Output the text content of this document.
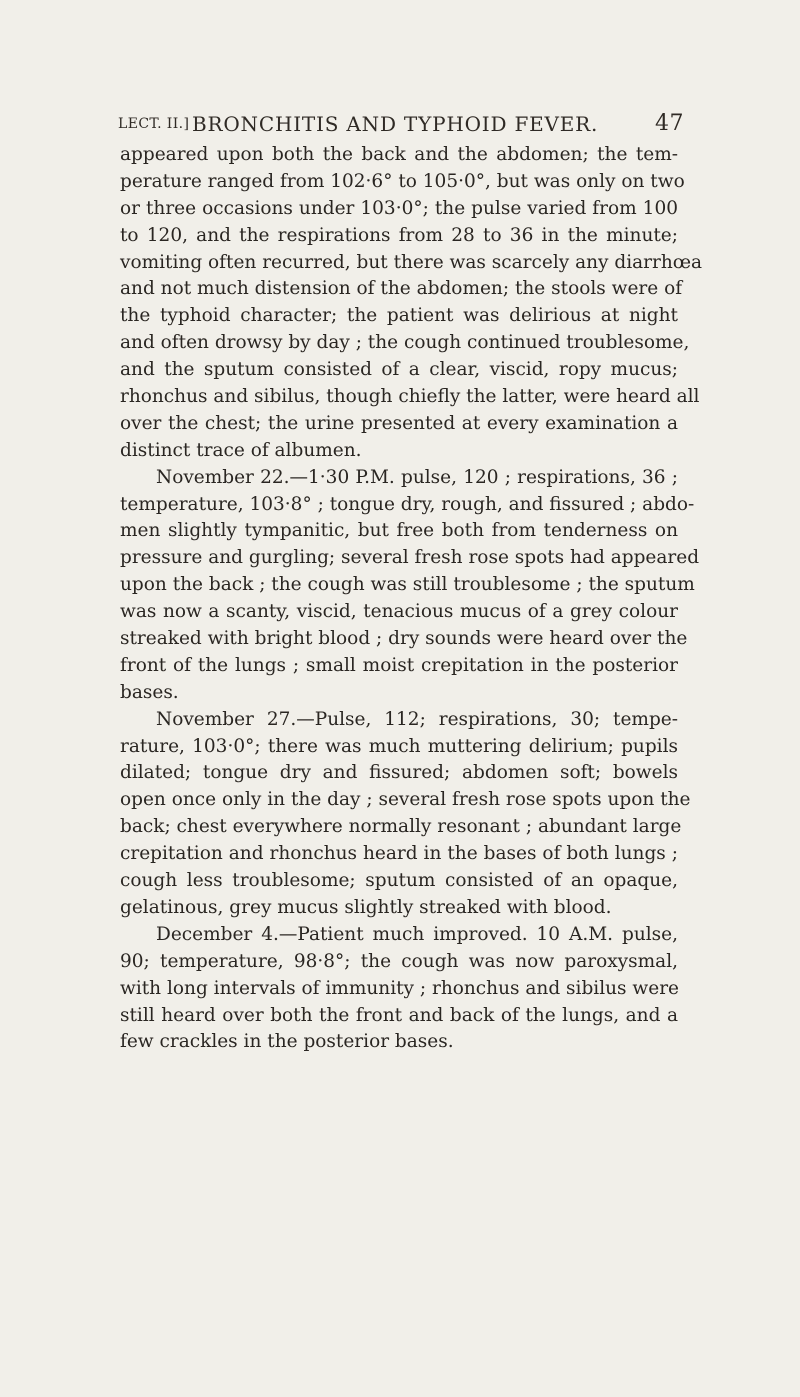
LECT. II.] BRONCHITIS AND TYPHOID FEVER.	47
appeared upon both the back and the abdomen; the tem-
perature ranged from 102·6° to 105·0°, but was only on two
or three occasions under 103·0°; the pulse varied from 100
to 120, and the respirations from 28 to 36 in the minute;
vomiting often recurred, but there was scarcely any diarrhœa
and not much distension of the abdomen; the stools were of
the typhoid character; the patient was delirious at night
and often drowsy by day ; the cough continued troublesome,
and the sputum consisted of a clear, viscid, ropy mucus;
rhonchus and sibilus, though chiefly the latter, were heard all
over the chest; the urine presented at every examination a
distinct trace of albumen.
November 22.—1·30 P.M. pulse, 120 ; respirations, 36 ;
temperature, 103·8° ; tongue dry, rough, and fissured ; abdo-
men slightly tympanitic, but free both from tenderness on
pressure and gurgling; several fresh rose spots had appeared
upon the back ; the cough was still troublesome ; the sputum
was now a scanty, viscid, tenacious mucus of a grey colour
streaked with bright blood ; dry sounds were heard over the
front of the lungs ; small moist crepitation in the posterior
bases.
November 27.—Pulse, 112; respirations, 30; tempe-
rature, 103·0°; there was much muttering delirium; pupils
dilated; tongue dry and fissured; abdomen soft; bowels
open once only in the day ; several fresh rose spots upon the
back; chest everywhere normally resonant ; abundant large
crepitation and rhonchus heard in the bases of both lungs ;
cough less troublesome; sputum consisted of an opaque,
gelatinous, grey mucus slightly streaked with blood.
December 4.—Patient much improved. 10 A.M. pulse,
90; temperature, 98·8°; the cough was now paroxysmal,
with long intervals of immunity ; rhonchus and sibilus were
still heard over both the front and back of the lungs, and a
few crackles in the posterior bases.
